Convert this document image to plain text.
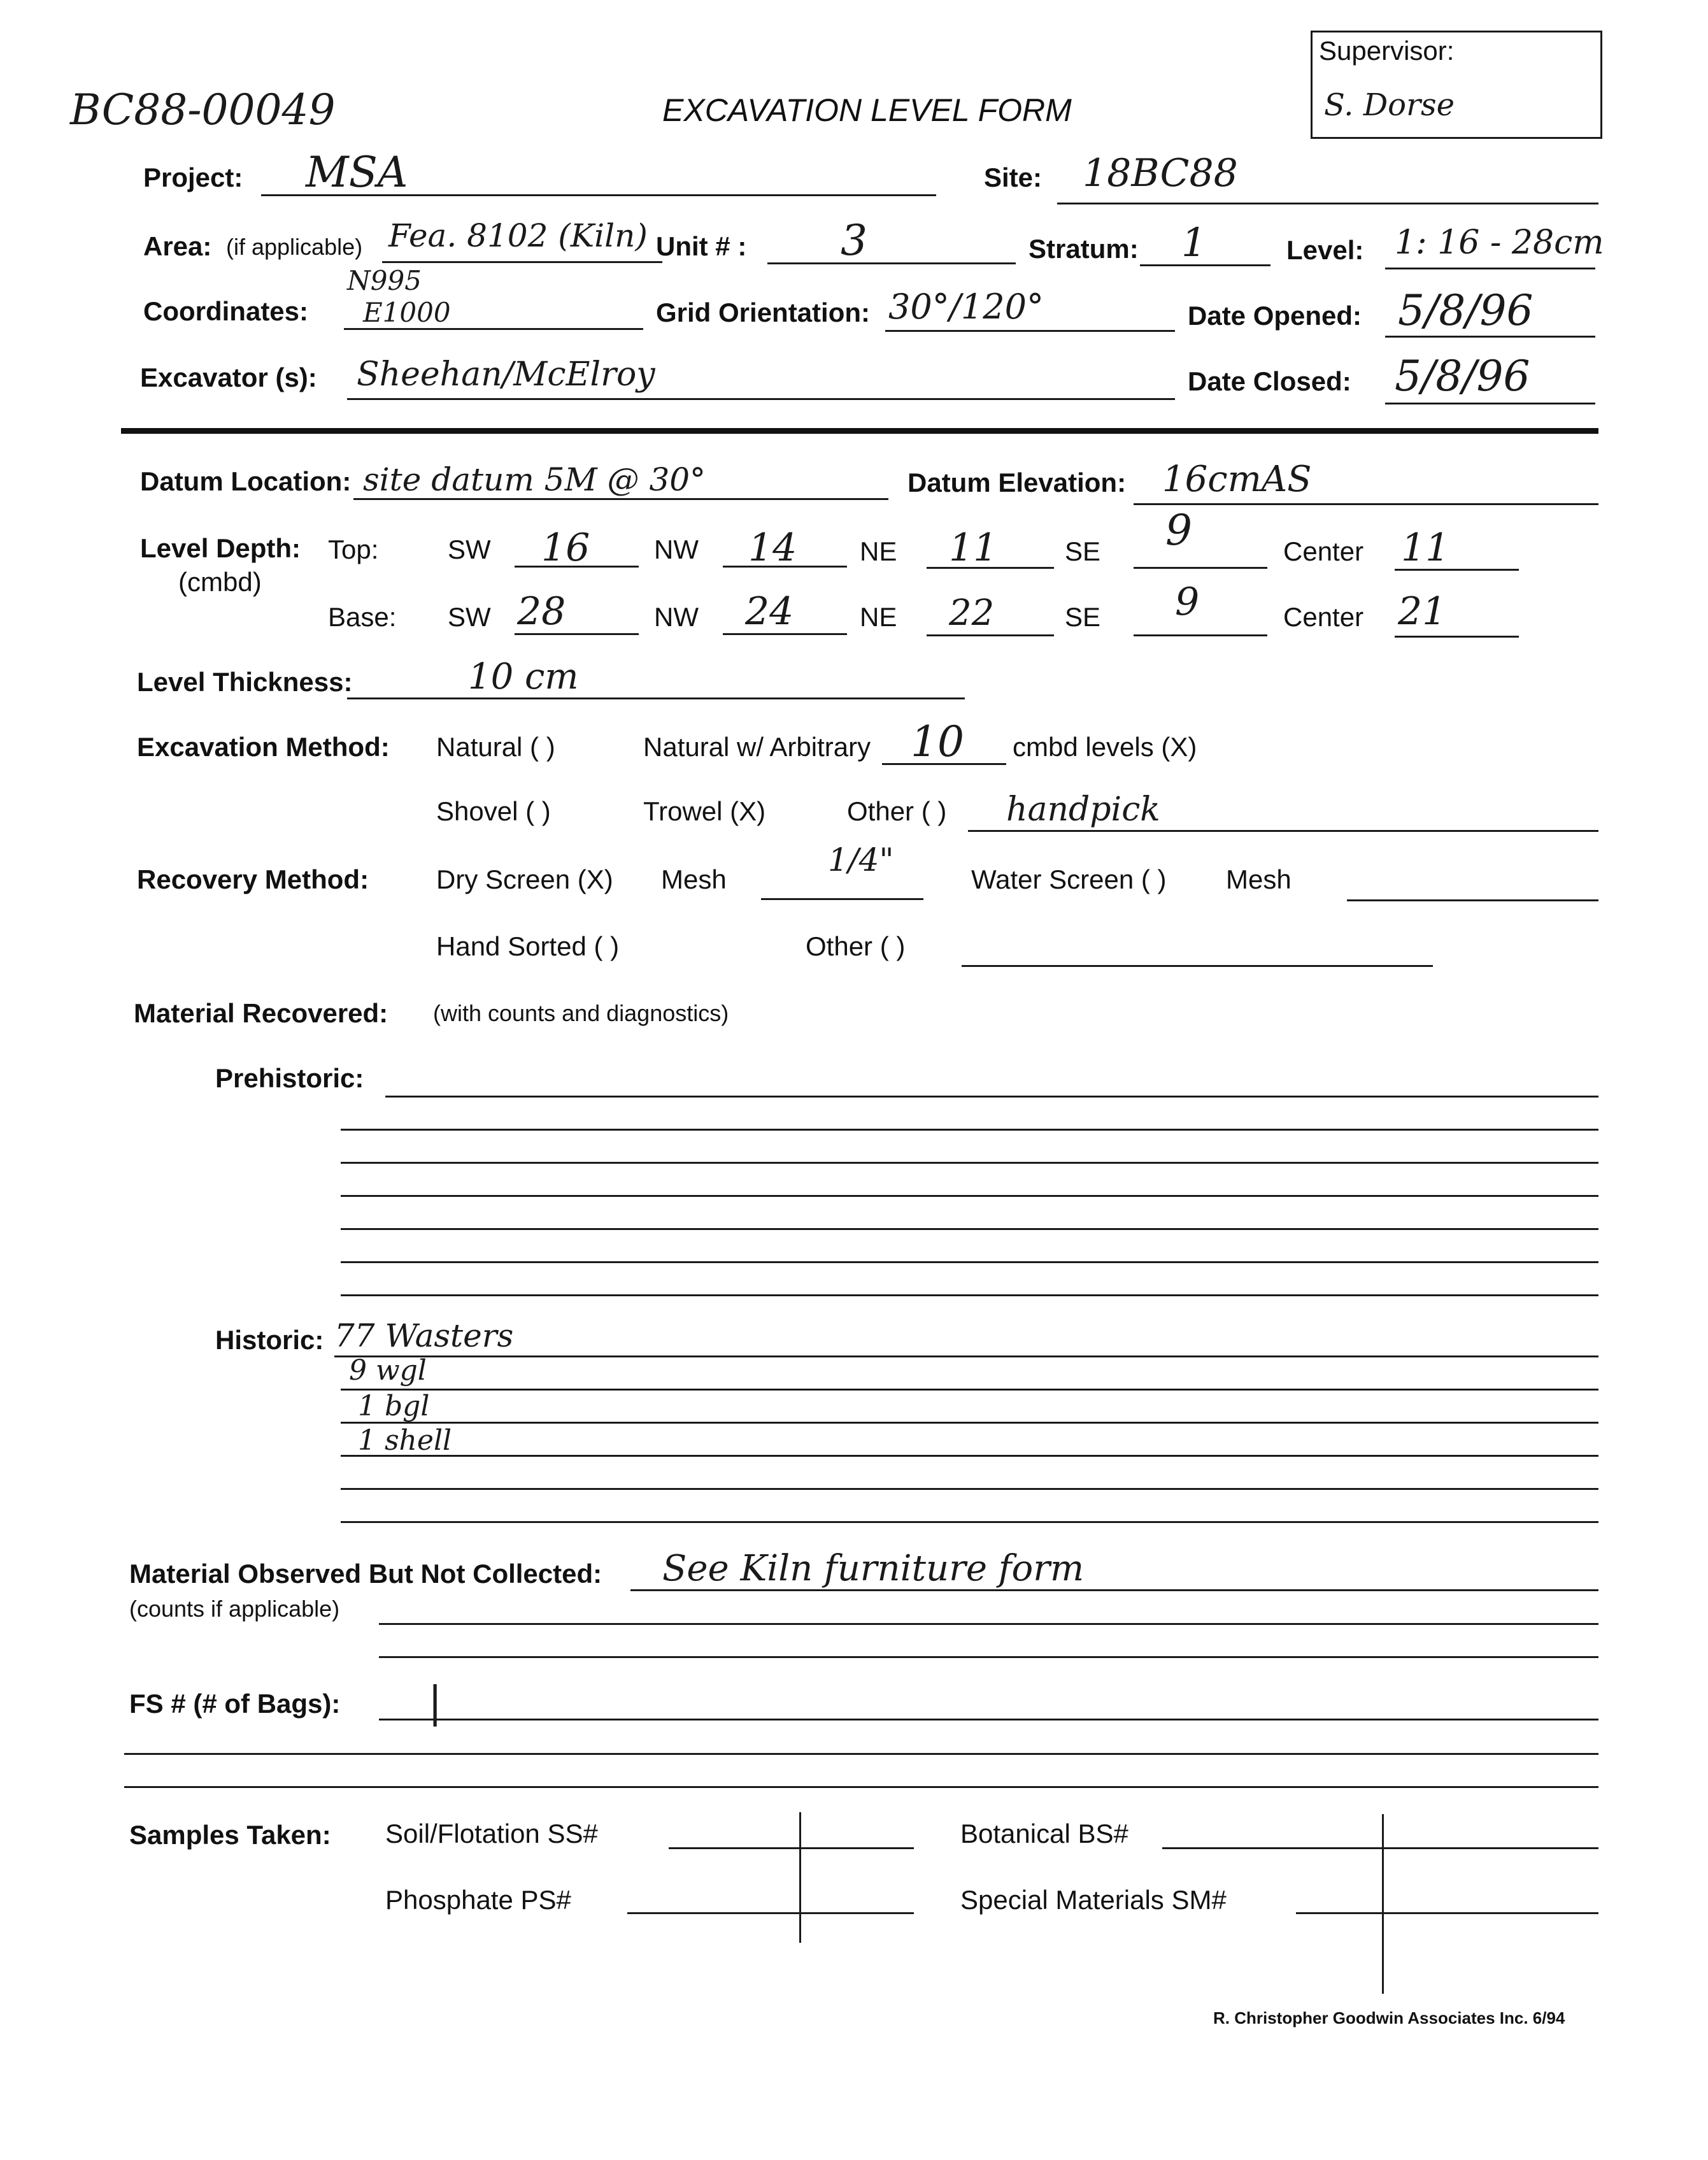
BC88-00049	EXCAVATION LEVEL FORM
Supervisor:
S. Dorse
Project: MSA	Site: 18BC88
Area: (if applicable) Fea. 8102 (Kiln) Unit # : 3	Stratum: 1	Level: 1: 16 - 28cm
Coordinates:
N995
E1000	Grid Orientation: 30°/120°	Date Opened: 5/8/96
Excavator (s): Sheehan/McElroy	Date Closed: 5/8/96
Datum Location: site datum 5M @ 30°	Datum Elevation: 16cmAS
Level Depth:
(cmbd)
Top:
Base:
SW 16 NW 14 NE 11	SE 9	Center 11
SW 28	NW 24 NE 22	SE 9	Center 21
Level Thickness:	10 cm
Excavation Method: Natural ( )	Natural w/ Arbitrary 10 cmbd levels (X)
Shovel ( )	Trowel (X)	Other ( ) handpick
Recovery Method:	Dry Screen (X) Mesh
1/4"
Water Screen ( ) Mesh
Hand Sorted ( )	Other ( )
Material Recovered: (with counts and diagnostics)
Prehistoric:
Historic: 77 Wasters
9 wgl
1 bgl
1 shell
Material Observed But Not Collected:
(counts if applicable)
See Kiln furniture form
FS # (# of Bags): |
Samples Taken: Soil/Flotation SS#	Botanical BS#
Phosphate PS#	Special Materials SM#
R. Christopher Goodwin Associates Inc. 6/94
